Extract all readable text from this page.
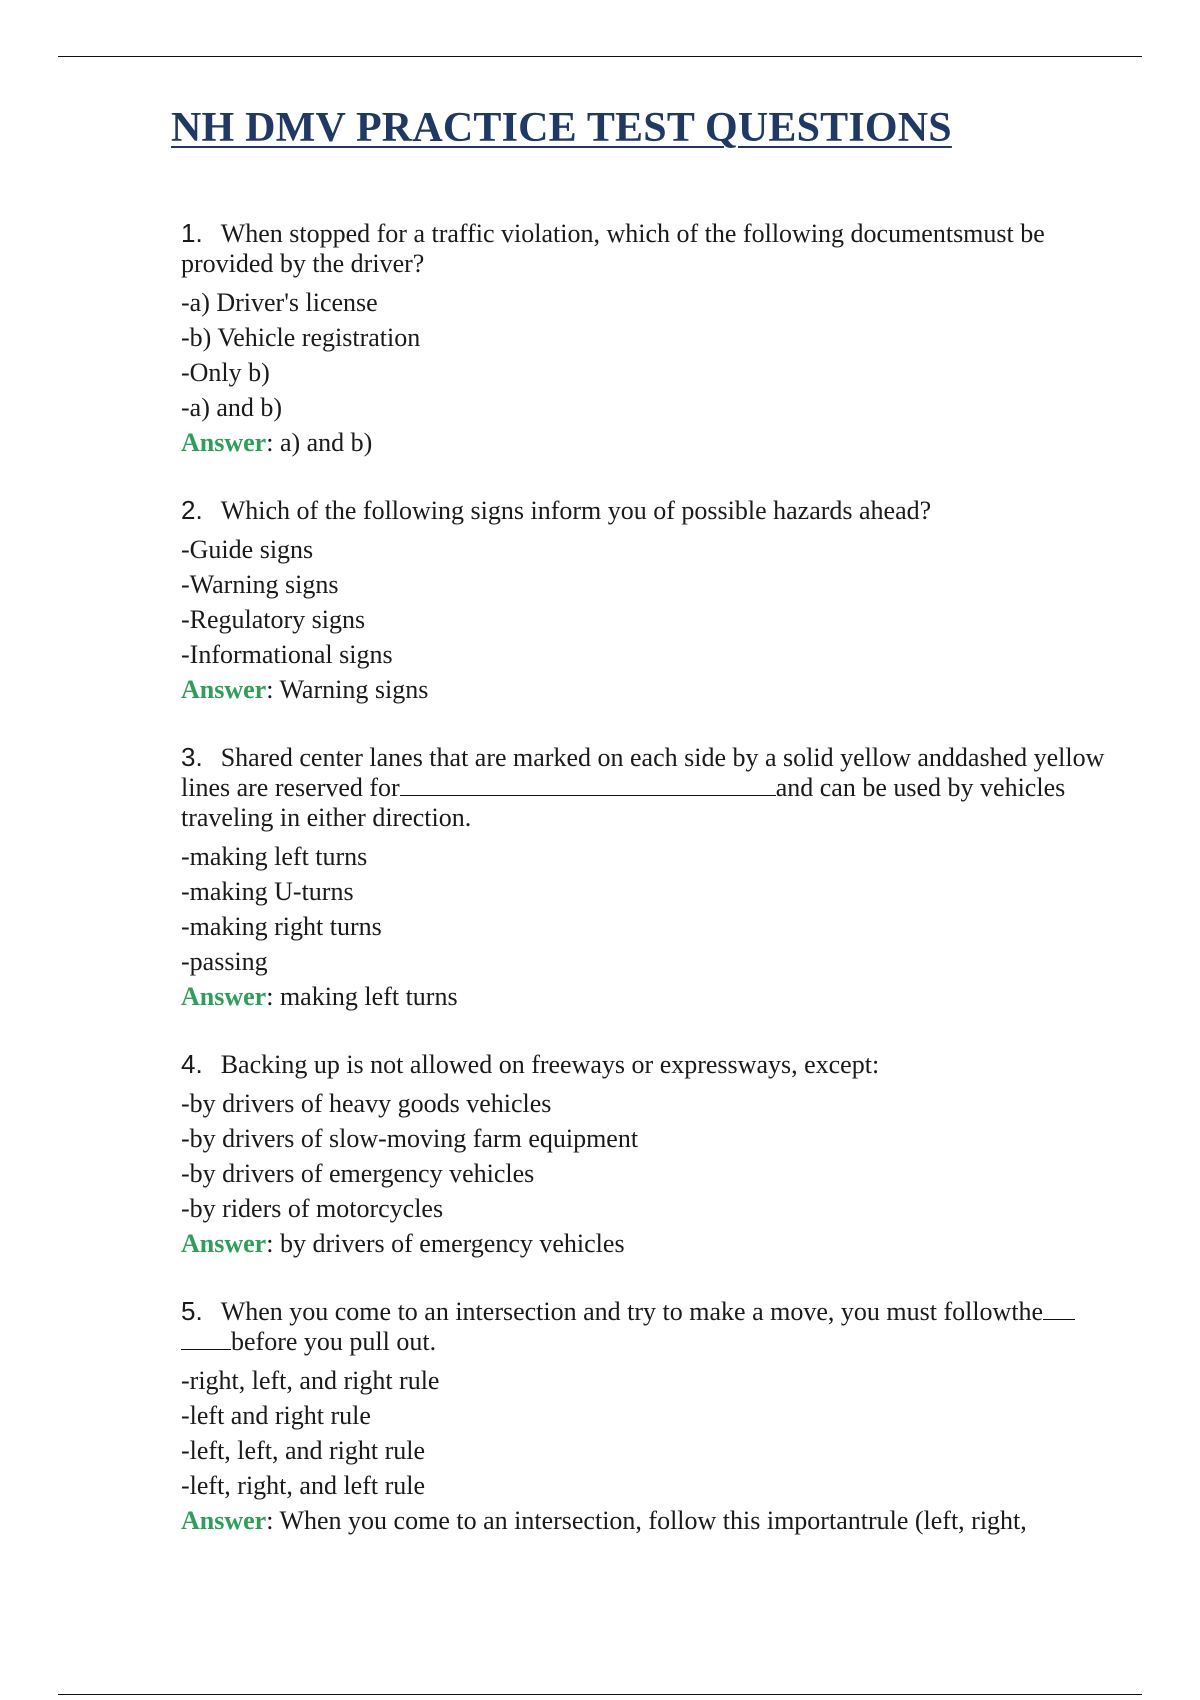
NH DMV PRACTICE TEST QUESTIONS

1. When stopped for a traffic violation, which of the following documentsmust be provided by the driver?

-a) Driver's license
-b) Vehicle registration
-Only b)
-a) and b)
Answer: a) and b)

2. Which of the following signs inform you of possible hazards ahead?

-Guide signs
-Warning signs
-Regulatory signs
-Informational signs
Answer: Warning signs

3. Shared center lanes that are marked on each side by a solid yellow anddashed yellow lines are reserved for	and can be used by vehicles traveling in either direction.

-making left turns
-making U-turns
-making right turns
-passing
Answer: making left turns

4. Backing up is not allowed on freeways or expressways, except:

-by drivers of heavy goods vehicles
-by drivers of slow-moving farm equipment
-by drivers of emergency vehicles
-by riders of motorcycles
Answer: by drivers of emergency vehicles

5. When you come to an intersection and try to make a move, you must followthe before you pull out.

-right, left, and right rule
-left and right rule
-left, left, and right rule
-left, right, and left rule
Answer: When you come to an intersection, follow this importantrule (left, right,
